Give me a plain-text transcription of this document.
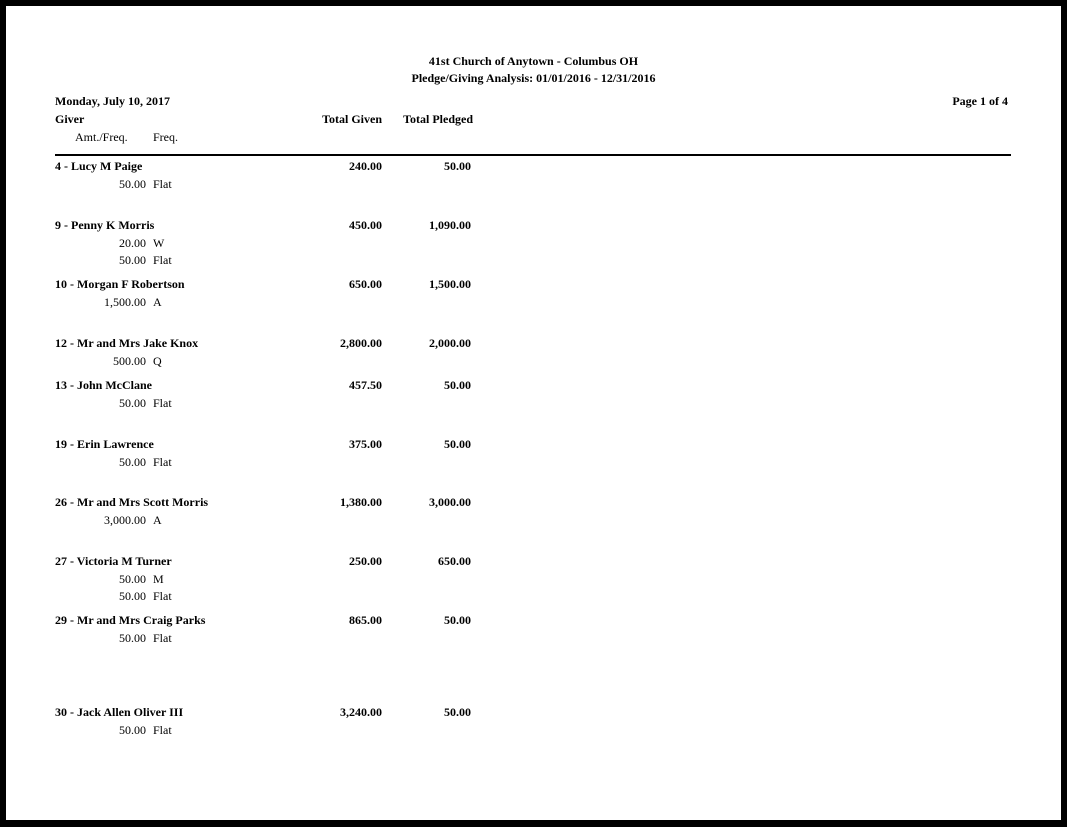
41st Church of Anytown - Columbus OH
Pledge/Giving Analysis: 01/01/2016 - 12/31/2016
Monday, July 10, 2017	Page 1 of 4
Giver	Total Given	Total Pledged
Amt./Freq. Freq.
4 - Lucy M Paige	240.00	50.00
50.00 Flat
9 - Penny K Morris	450.00	1,090.00
20.00 W
50.00 Flat
10 - Morgan F Robertson	650.00	1,500.00
1,500.00 A
12 - Mr and Mrs Jake Knox	2,800.00	2,000.00
500.00 Q
13 - John McClane	457.50	50.00
50.00 Flat
19 - Erin Lawrence	375.00	50.00
50.00 Flat
26 - Mr and Mrs Scott Morris	1,380.00	3,000.00
3,000.00 A
27 - Victoria M Turner	250.00	650.00
50.00 M
50.00 Flat
29 - Mr and Mrs Craig Parks	865.00	50.00
50.00 Flat
30 - Jack Allen Oliver III	3,240.00	50.00
50.00 Flat
